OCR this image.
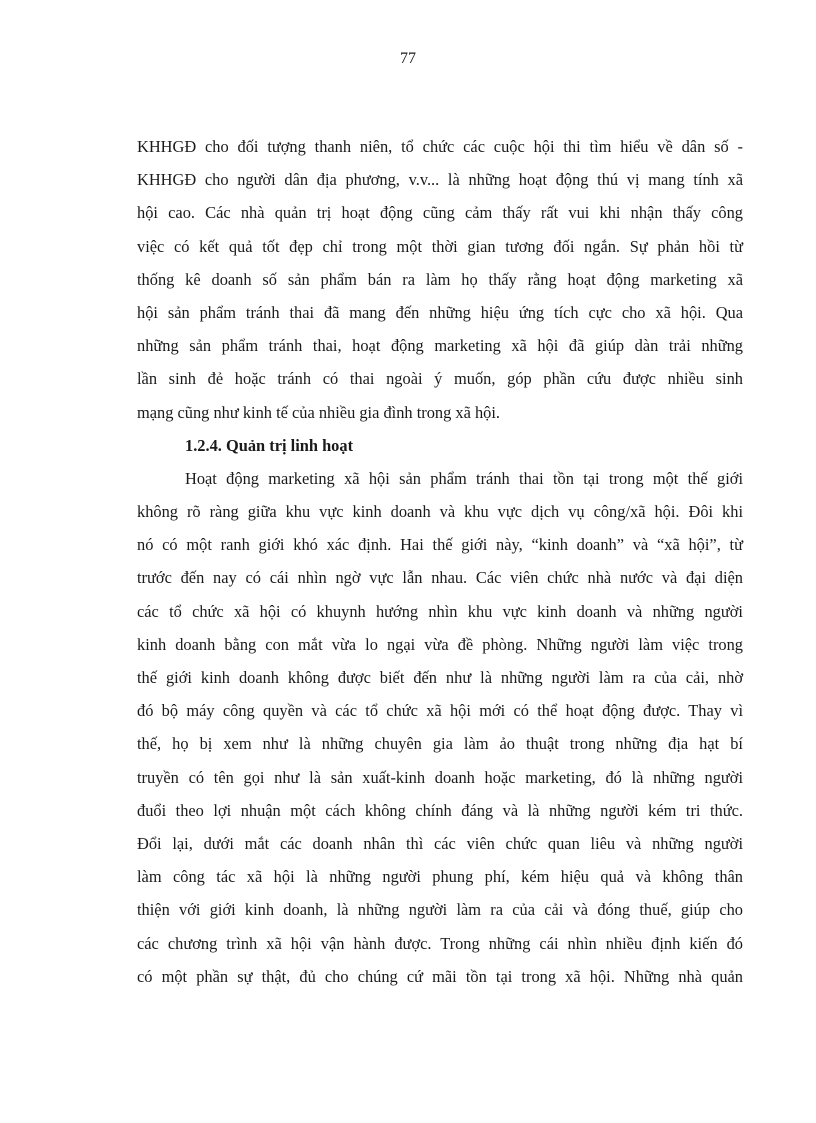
77
KHHGĐ cho đối tượng thanh niên, tổ chức các cuộc hội thi tìm hiểu về dân số -
KHHGĐ cho người dân địa phương, v.v... là những hoạt động thú vị mang tính xã
hội cao. Các nhà quản trị hoạt động cũng cảm thấy rất vui khi nhận thấy công
việc có kết quả tốt đẹp chỉ trong một thời gian tương đối ngắn. Sự phản hồi từ
thống kê doanh số sản phẩm bán ra làm họ thấy rằng hoạt động marketing xã
hội sản phẩm tránh thai đã mang đến những hiệu ứng tích cực cho xã hội. Qua
những sản phẩm tránh thai, hoạt động marketing xã hội đã giúp dàn trải những
lần sinh đẻ hoặc tránh có thai ngoài ý muốn, góp phần cứu được nhiều sinh
mạng cũng như kinh tế của nhiều gia đình trong xã hội.
1.2.4. Quản trị linh hoạt
Hoạt động marketing xã hội sản phẩm tránh thai tồn tại trong một thế giới
không rõ ràng giữa khu vực kinh doanh và khu vực dịch vụ công/xã hội. Đôi khi
nó có một ranh giới khó xác định. Hai thế giới này, “kinh doanh” và “xã hội”, từ
trước đến nay có cái nhìn ngờ vực lẫn nhau. Các viên chức nhà nước và đại diện
các tổ chức xã hội có khuynh hướng nhìn khu vực kinh doanh và những người
kinh doanh bằng con mắt vừa lo ngại vừa đề phòng. Những người làm việc trong
thế giới kinh doanh không được biết đến như là những người làm ra của cải, nhờ
đó bộ máy công quyền và các tổ chức xã hội mới có thể hoạt động được. Thay vì
thế, họ bị xem như là những chuyên gia làm ảo thuật trong những địa hạt bí
truyền có tên gọi như là sản xuất-kinh doanh hoặc marketing, đó là những người
đuổi theo lợi nhuận một cách không chính đáng và là những người kém tri thức.
Đổi lại, dưới mắt các doanh nhân thì các viên chức quan liêu và những người
làm công tác xã hội là những người phung phí, kém hiệu quả và không thân
thiện với giới kinh doanh, là những người làm ra của cải và đóng thuế, giúp cho
các chương trình xã hội vận hành được. Trong những cái nhìn nhiều định kiến đó
có một phần sự thật, đủ cho chúng cứ mãi tồn tại trong xã hội. Những nhà quản
